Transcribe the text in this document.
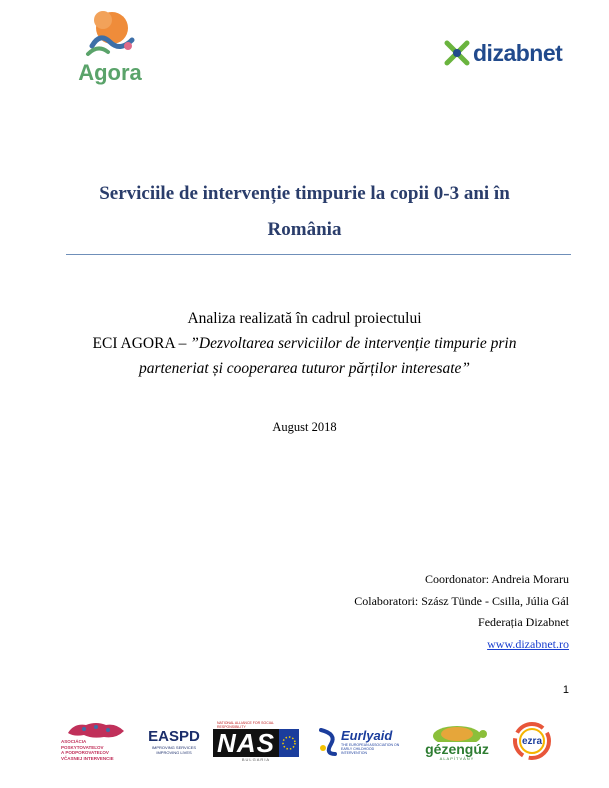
Agora
dizabnet
Serviciile de intervenție timpurie la copii 0-3 ani în
România
Analiza realizată în cadrul proiectului
ECI AGORA – ”Dezvoltarea serviciilor de intervenție timpurie prin
parteneriat și cooperarea tuturor părților interesate”
August 2018
Coordonator: Andreia Moraru
Colaboratori: Szász Tünde - Csilla, Júlia Gál
Federația Dizabnet
www.dizabnet.ro
1
ASOCIÁCIA
POSKYTOVATEĽOV
A PODPOROVATEĽOV
VČASNEJ INTERVENCIE
EASPD
IMPROVING SERVICES IMPROVING LIVES
NATIONAL ALLIANCE FOR SOCIAL RESPONSIBILITY
NAS
BULGARIA
Eurlyaid
THE EUROPEAN ASSOCIATION ON EARLY CHILDHOOD INTERVENTION	gézengúz
ALAPÍTVÁNY
ezra
